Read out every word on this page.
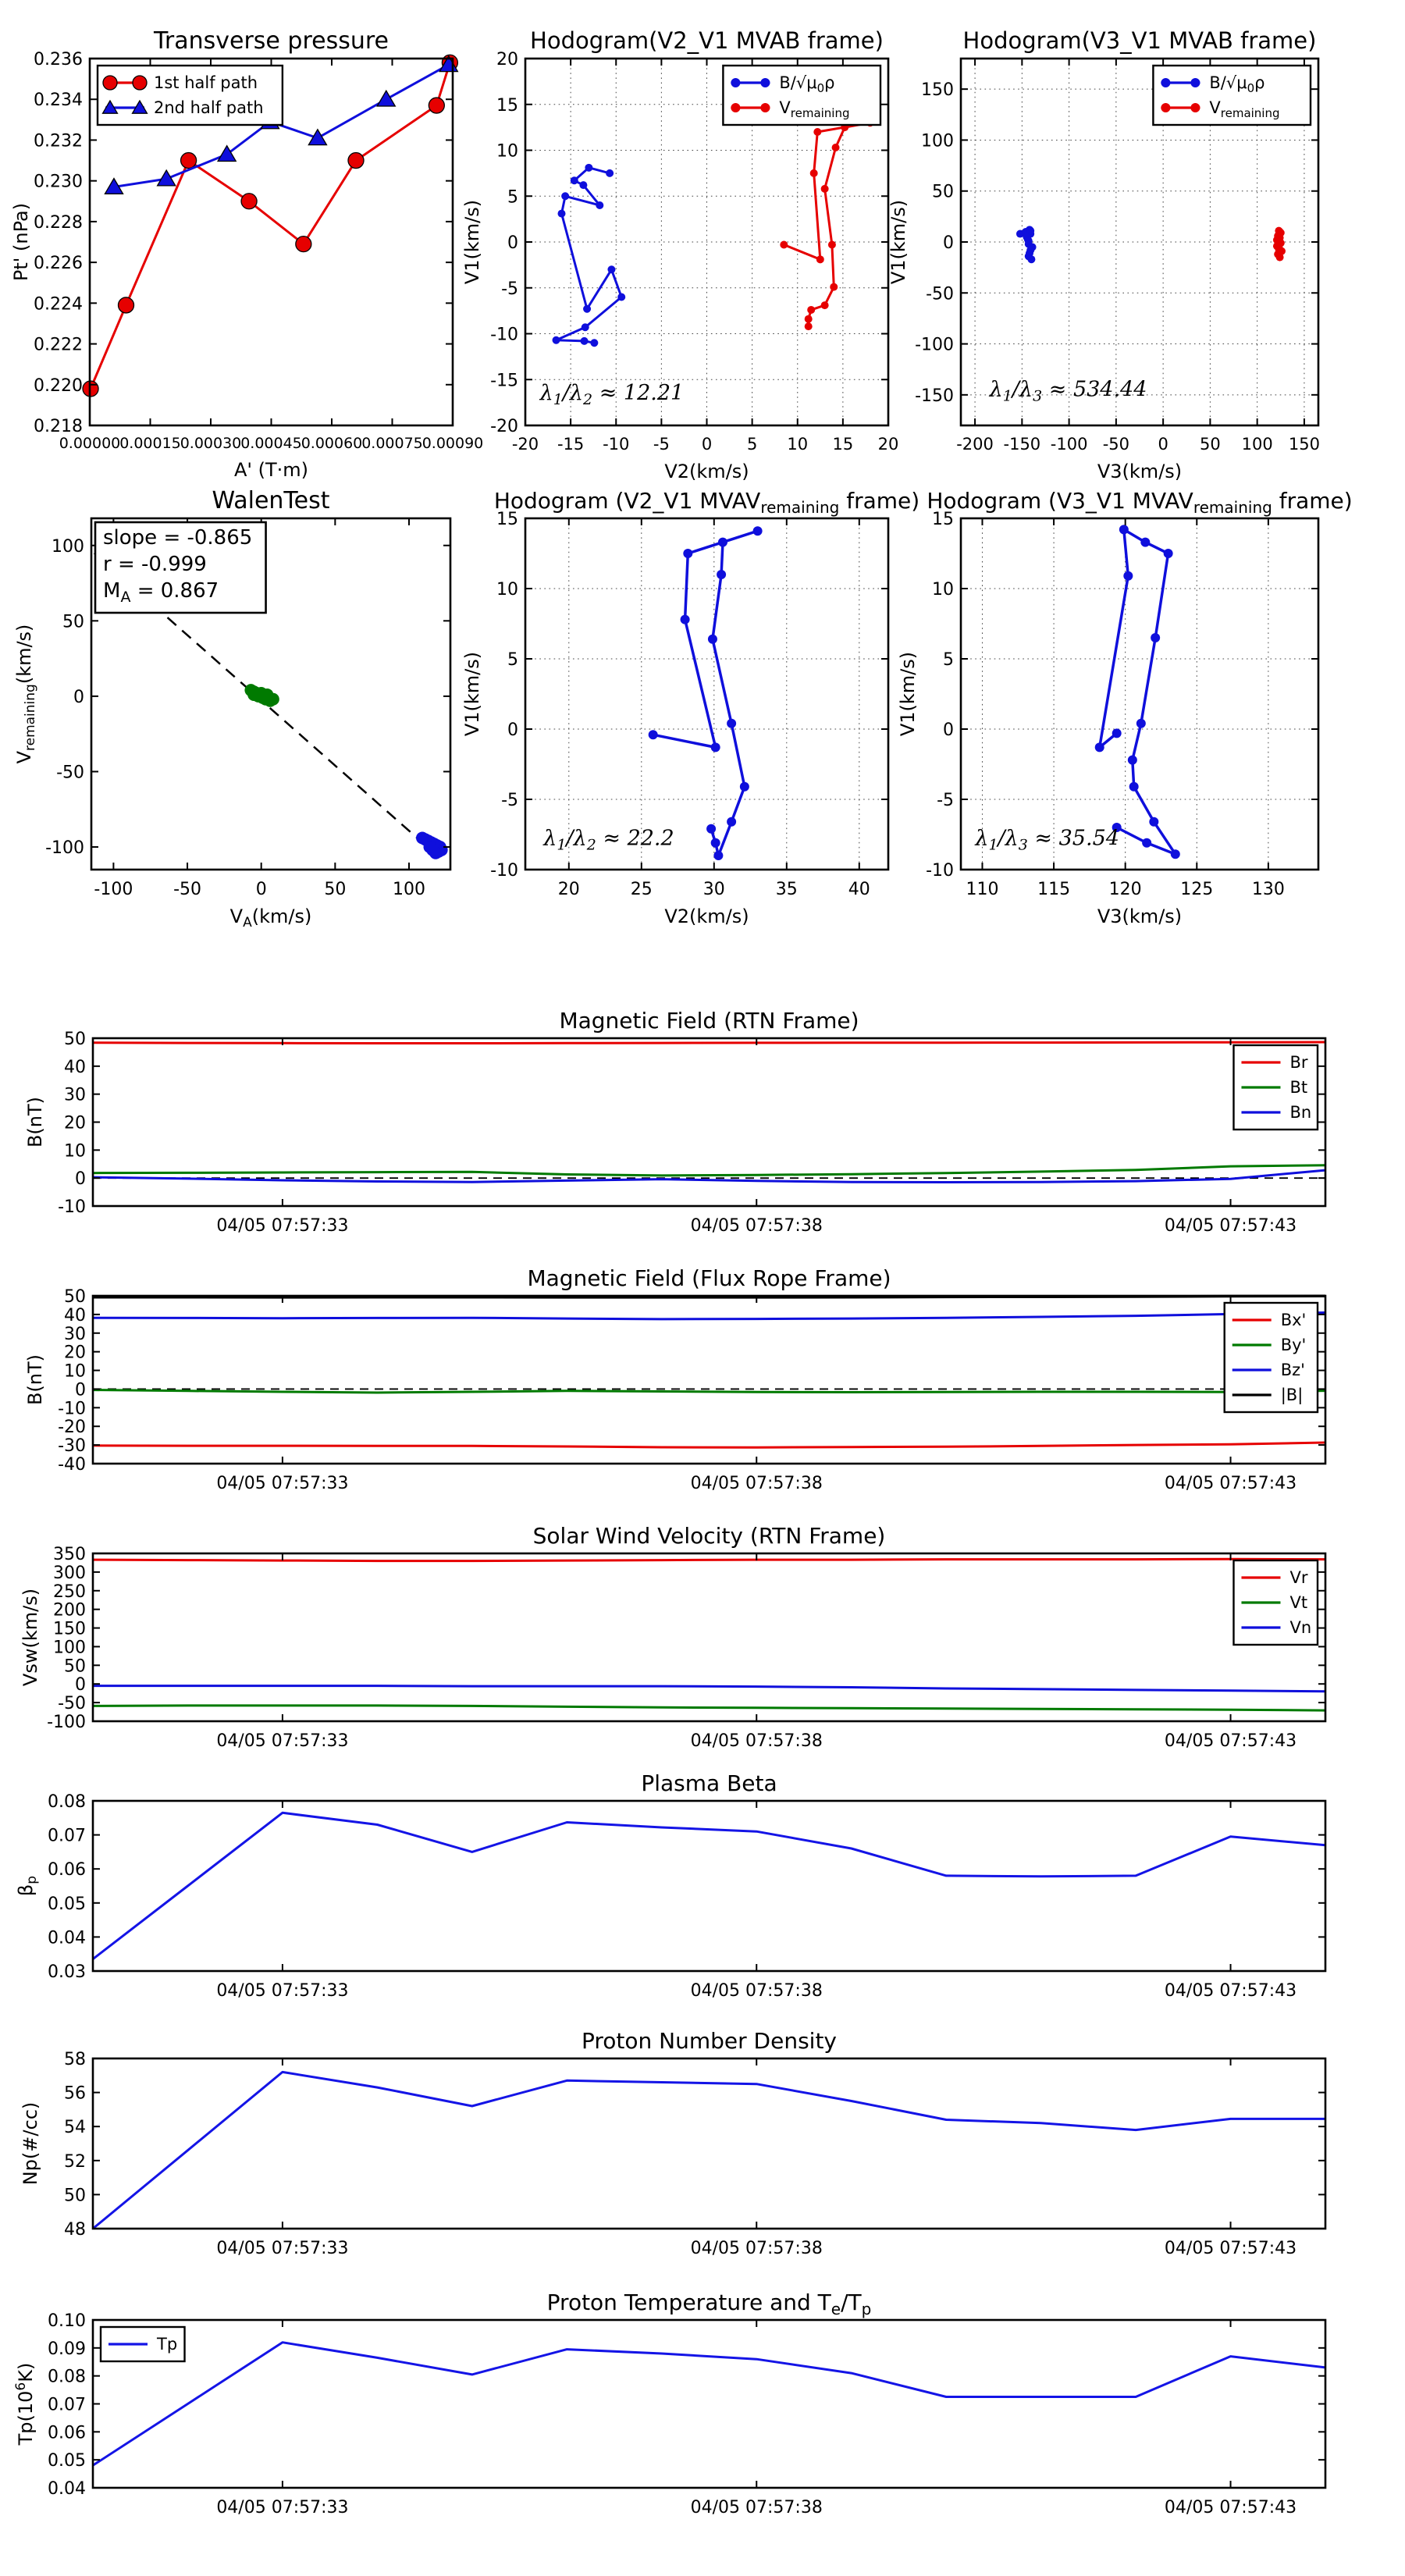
0.00000
0.00015
0.00030
0.00045
0.00060
0.00075
0.00090
0.218
0.220
0.222
0.224
0.226
0.228
0.230
0.232
0.234
0.236
Transverse pressure
A' (T·m)
Pt' (nPa)
1st half path
2nd half path
-20 -15 -10 -5 0 5 10 15 20
-20
-15
-10
-5
0
5
10
15
20
Hodogram(V2_V1 MVAB frame)
V2(km/s)
V1(km/s)
$B/√\mu_0\rho$
$V_{remaining}$
$\lambda_1/\lambda_2 \approx 12.21$
-200 -150 -100 -50 0 50 100 150
-150
-100
-50
0
50
100
150
Hodogram(V3_V1 MVAB frame)
V3(km/s)
V1(km/s)
$B/√\mu_0\rho$
$V_{remaining}$
$\lambda_1/\lambda_3 \approx 534.44$
-100 -50	0	50	100
-100
-50
0
50
100
WalenTest
$V_A(km/s)$
$V_{remaining}(km/s)$
slope = -0.865
r = -0.999
$M_A = 0.867$
20	25	30	35	40
-10
-5
0
5
10
15
Hodogram (V2_V1 $MVAV_{remaining}$ frame)
V2(km/s)
V1(km/s)
$\lambda_1/\lambda_2 \approx 22.2$
110 115 120 125 130
-10
-5
0
5
10
15
Hodogram (V3_V1 $MVAV_{remaining}$ frame)
V3(km/s)
V1(km/s)
$\lambda_1/\lambda_3 \approx 35.54$
04/05 07:57:33	04/05 07:57:38	04/05 07:57:43
-10
0
10
20
30
40
50
Magnetic Field (RTN Frame)
B(nT)
Br
Bt
Bn
04/05 07:57:33	04/05 07:57:38	04/05 07:57:43
-40
-30
-20
-10
0
10
20
30
40
50
Magnetic Field (Flux Rope Frame)
B(nT)
Bx'
By'
Bz'
|B|
04/05 07:57:33	04/05 07:57:38	04/05 07:57:43
-100
-50
0
50
100
150
200
250
300
350
Solar Wind Velocity (RTN Frame)
Vsw(km/s)
Vr
Vt
Vn
04/05 07:57:33	04/05 07:57:38	04/05 07:57:43
0.03
0.04
0.05
0.06
0.07
0.08
Plasma Beta
$\beta_p$
04/05 07:57:33	04/05 07:57:38	04/05 07:57:43
48
50
52
54
56
58
Proton Number Density
Np(#/cc)
04/05 07:57:33	04/05 07:57:38	04/05 07:57:43
0.04
0.05
0.06
0.07
0.08
0.09
0.10
Proton Temperature and $T_e/T_p$
$Tp(10^6K)$
Tp
